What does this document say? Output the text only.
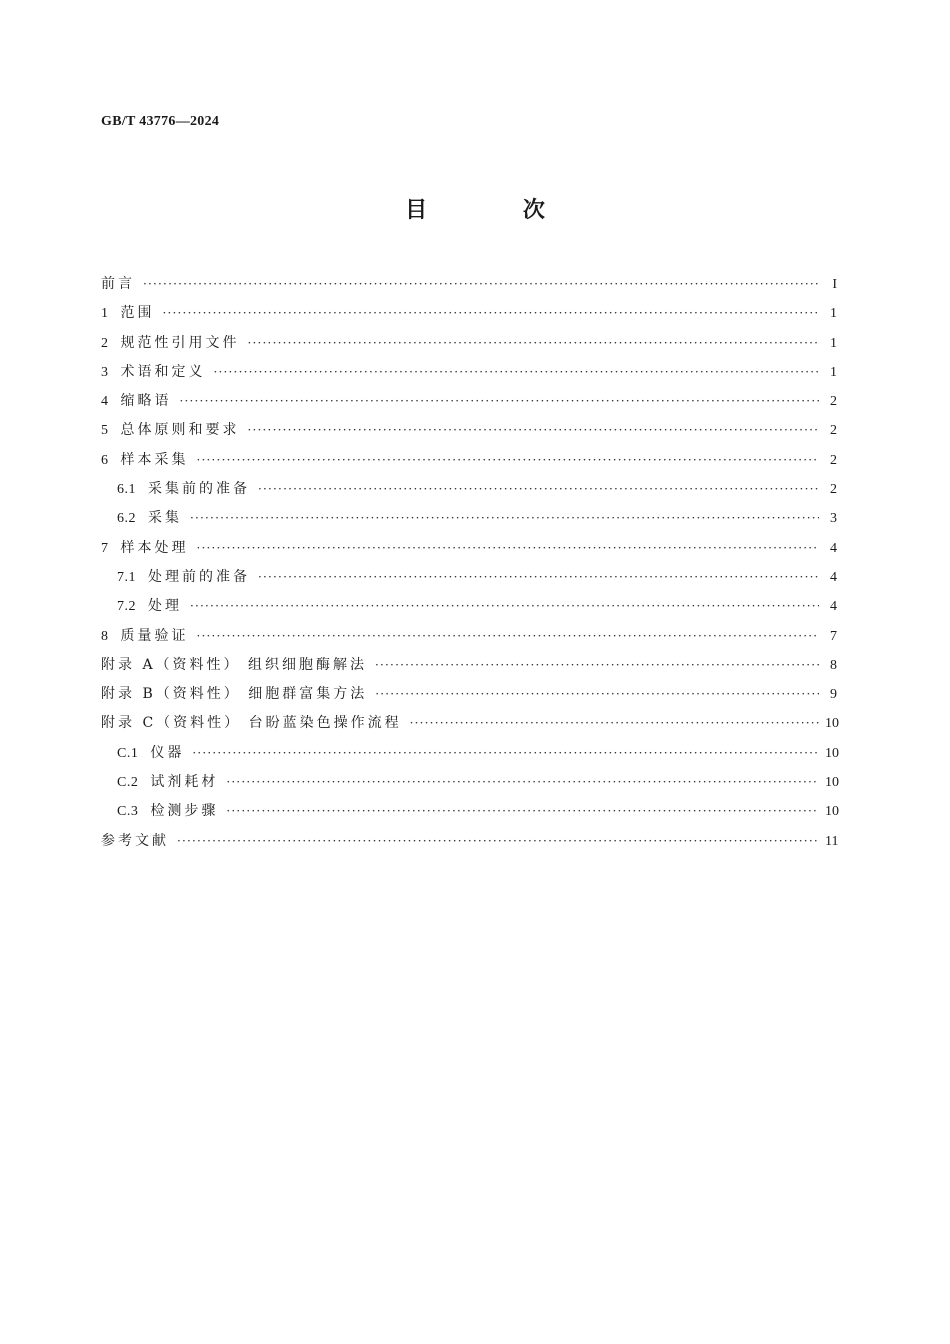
GB/T 43776—2024
目 次
前言 ·····	I
1 范围 ·····	1
2 规范性引用文件 ·····	1
3 术语和定义 ·····	1
4 缩略语 ·····	2
5 总体原则和要求 ·····	2
6 样本采集 ·····	2
6.1 采集前的准备 ·····	2
6.2 采集 ·····	3
7 样本处理 ·····	4
7.1 处理前的准备 ·····	4
7.2 处理 ·····	4
8 质量验证 ·····	7
附录 A（资料性） 组织细胞酶解法 ·····	8
附录 B（资料性） 细胞群富集方法 ·····	9
附录 C（资料性） 台盼蓝染色操作流程 ·····	10
C.1 仪器 ·····	10
C.2 试剂耗材 ·····	10
C.3 检测步骤 ·····	10
参考文献 ·····	11
